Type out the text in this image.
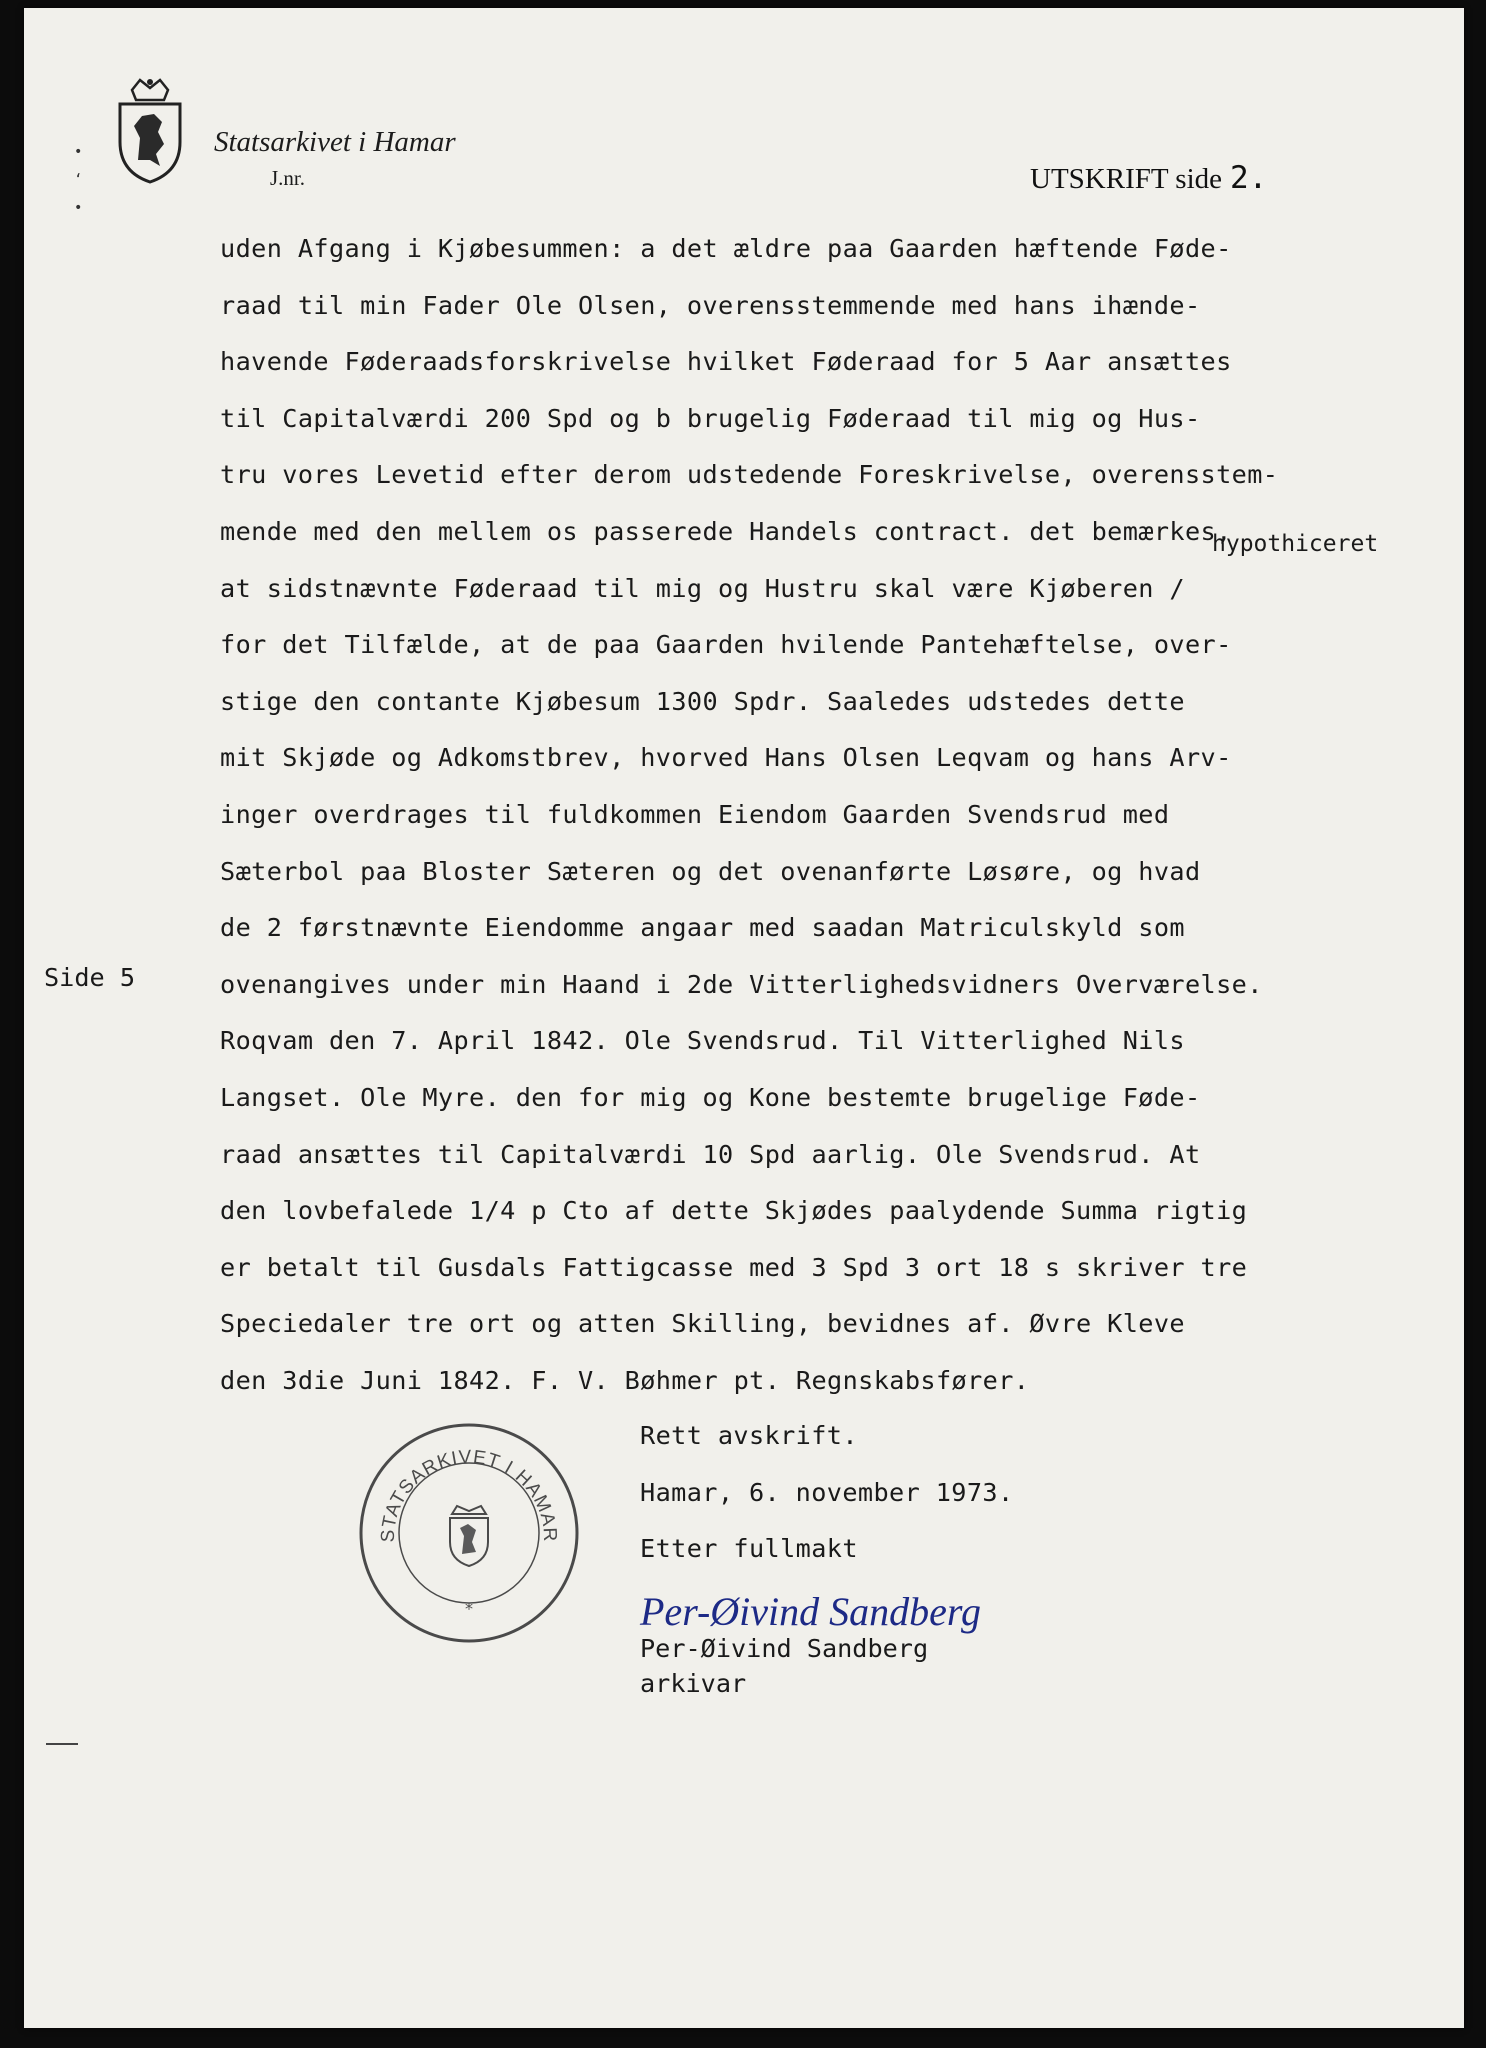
•
‘
•
Statsarkivet i Hamar
J.nr.	UTSKRIFT side 2.
uden Afgang i Kjøbesummen: a det ældre paa Gaarden hæftende Føde-
raad til min Fader Ole Olsen, overensstemmende med hans ihænde-
havende Føderaadsforskrivelse hvilket Føderaad for 5 Aar ansættes
til Capitalværdi 200 Spd og b brugelig Føderaad til mig og Hus-
tru vores Levetid efter derom udstedende Foreskrivelse, overensstem-
mende med den mellem os passerede Handels contract. det bemærkes,
at sidstnævnte Føderaad til mig og Hustru skal være Kjøberen /
for det Tilfælde, at de paa Gaarden hvilende Pantehæftelse, over-
stige den contante Kjøbesum 1300 Spdr. Saaledes udstedes dette
mit Skjøde og Adkomstbrev, hvorved Hans Olsen Leqvam og hans Arv-
inger overdrages til fuldkommen Eiendom Gaarden Svendsrud med
Sæterbol paa Bloster Sæteren og det ovenanførte Løsøre, og hvad
de 2 førstnævnte Eiendomme angaar med saadan Matriculskyld som
ovenangives under min Haand i 2de Vitterlighedsvidners Overværelse.
Roqvam den 7. April 1842. Ole Svendsrud. Til Vitterlighed Nils
Langset. Ole Myre. den for mig og Kone bestemte brugelige Føde-
raad ansættes til Capitalværdi 10 Spd aarlig. Ole Svendsrud. At
den lovbefalede 1/4 p Cto af dette Skjødes paalydende Summa rigtig
er betalt til Gusdals Fattigcasse med 3 Spd 3 ort 18 s skriver tre
Speciedaler tre ort og atten Skilling, bevidnes af. Øvre Kleve
den 3die Juni 1842. F. V. Bøhmer pt. Regnskabsfører.
hypothiceret
Side 5
Rett avskrift.
Hamar, 6. november 1973.
Etter fullmakt
STATSARKIVET I HAMAR
*	Per-Øivind Sandberg
Per-Øivind Sandberg
arkivar
